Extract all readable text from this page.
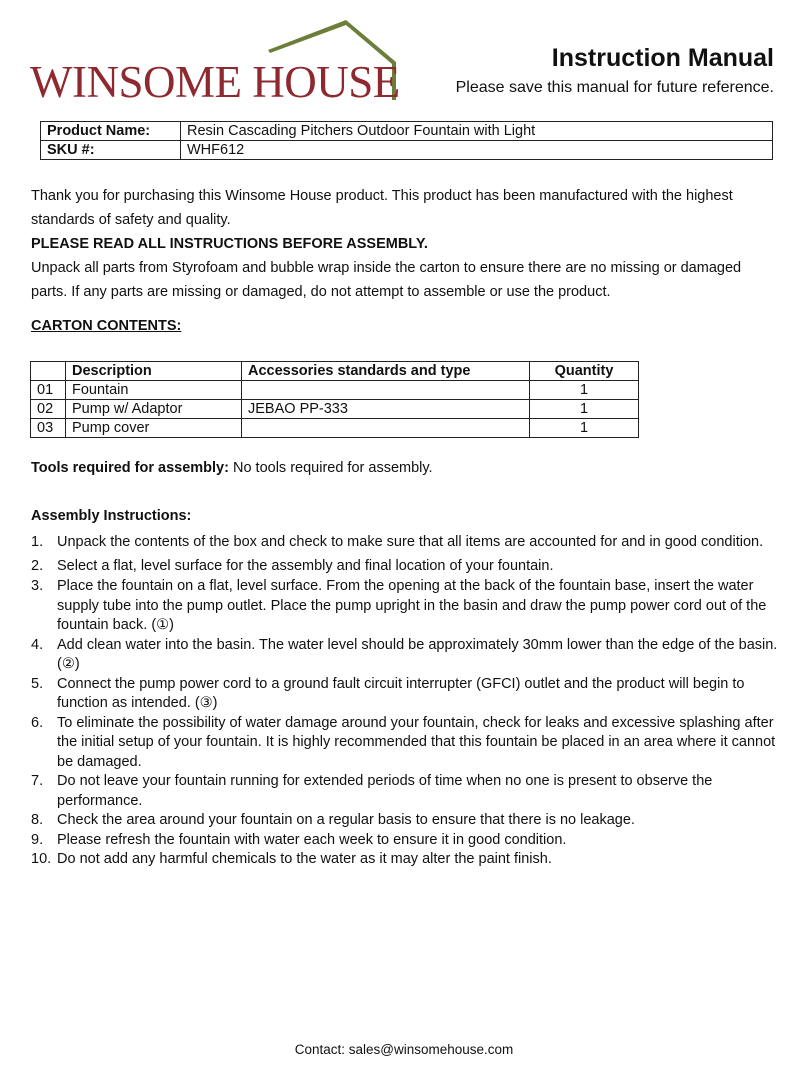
WINSOME HOUSE	Instruction Manual
Please save this manual for future reference.
Product Name:	Resin Cascading Pitchers Outdoor Fountain with Light
SKU #:	WHF612
Thank you for purchasing this Winsome House product. This product has been manufactured with the highest standards of safety and quality.
PLEASE READ ALL INSTRUCTIONS BEFORE ASSEMBLY.
Unpack all parts from Styrofoam and bubble wrap inside the carton to ensure there are no missing or damaged parts. If any parts are missing or damaged, do not attempt to assemble or use the product.
CARTON CONTENTS:
	Description	Accessories standards and type	Quantity
01	Fountain		1
02	Pump w/ Adaptor	JEBAO PP-333	1
03	Pump cover		1
Tools required for assembly: No tools required for assembly.
Assembly Instructions:
1. Unpack the contents of the box and check to make sure that all items are accounted for and in good condition.
2. Select a flat, level surface for the assembly and final location of your fountain.
3. Place the fountain on a flat, level surface. From the opening at the back of the fountain base, insert the water supply tube into the pump outlet. Place the pump upright in the basin and draw the pump power cord out of the fountain back. (①)
4. Add clean water into the basin. The water level should be approximately 30mm lower than the edge of the basin. (②)
5. Connect the pump power cord to a ground fault circuit interrupter (GFCI) outlet and the product will begin to function as intended. (③)
6. To eliminate the possibility of water damage around your fountain, check for leaks and excessive splashing after the initial setup of your fountain. It is highly recommended that this fountain be placed in an area where it cannot be damaged.
7. Do not leave your fountain running for extended periods of time when no one is present to observe the performance.
8. Check the area around your fountain on a regular basis to ensure that there is no leakage.
9. Please refresh the fountain with water each week to ensure it in good condition.
10. Do not add any harmful chemicals to the water as it may alter the paint finish.
Contact: sales@winsomehouse.com
